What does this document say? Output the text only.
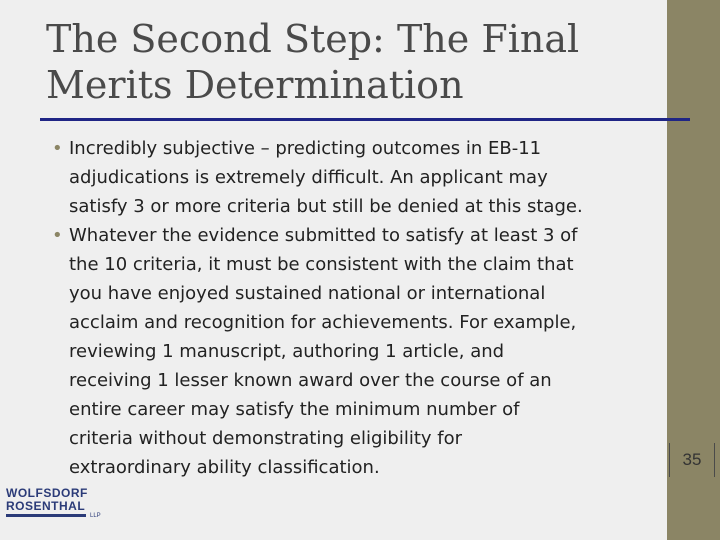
The Second Step: The Final
Merits Determination
• Incredibly subjective – predicting outcomes in EB-11
adjudications is extremely difficult. An applicant may
satisfy 3 or more criteria but still be denied at this stage.
• Whatever the evidence submitted to satisfy at least 3 of
the 10 criteria, it must be consistent with the claim that
you have enjoyed sustained national or international
acclaim and recognition for achievements. For example,
reviewing 1 manuscript, authoring 1 article, and
receiving 1 lesser known award over the course of an
entire career may satisfy the minimum number of
criteria without demonstrating eligibility for
extraordinary ability classification.	35
WOLFSDORF
ROSENTHAL
LLP
